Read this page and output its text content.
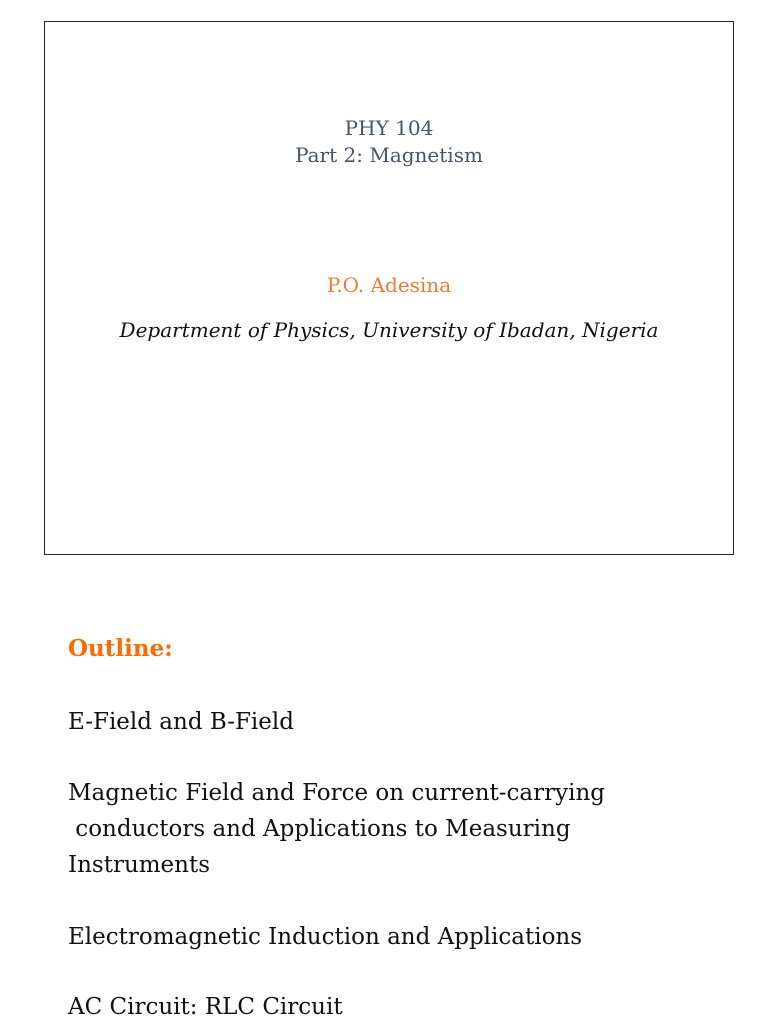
PHY 104
Part 2: Magnetism

P.O. Adesina

Department of Physics, University of Ibadan, Nigeria

Outline:

E-Field and B-Field

Magnetic Field and Force on current-carrying
conductors and Applications to Measuring
Instruments

Electromagnetic Induction and Applications

AC Circuit: RLC Circuit
